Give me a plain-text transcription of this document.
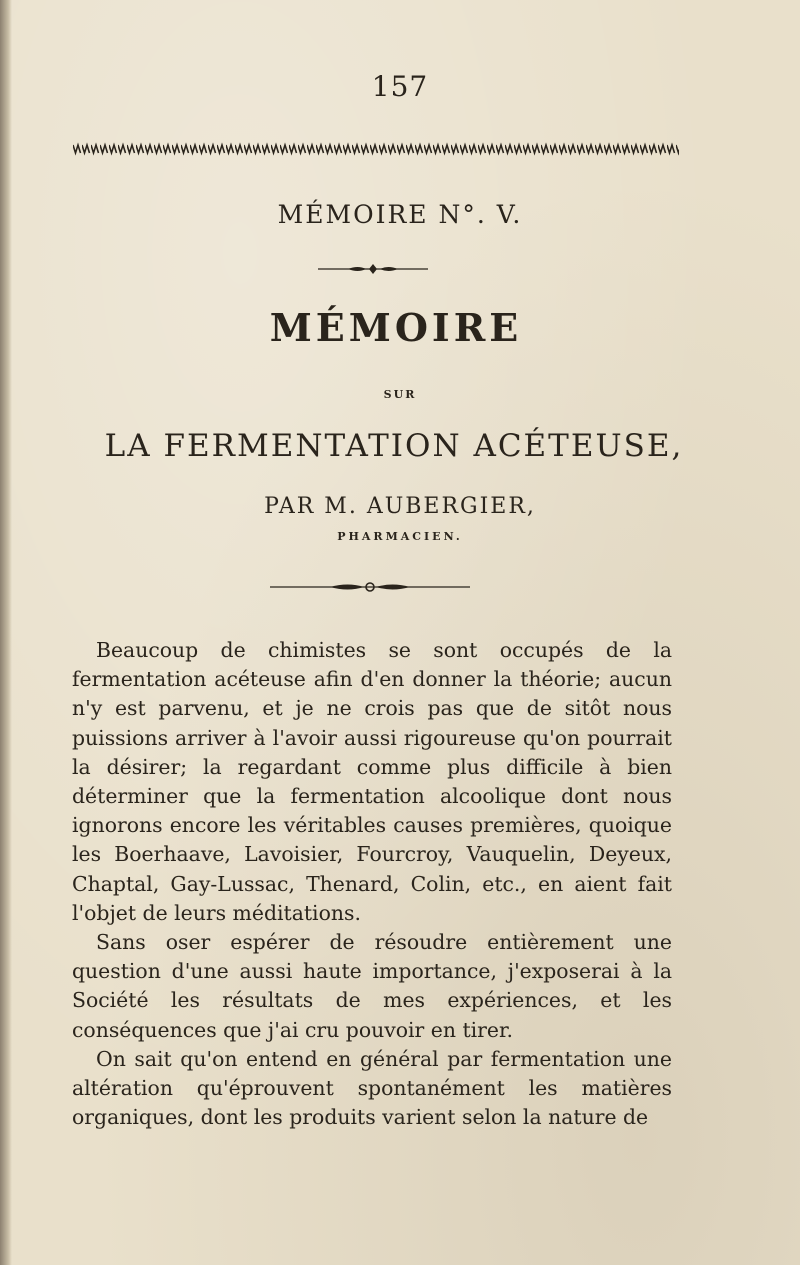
157
MÉMOIRE N°. V.
MÉMOIRE
SUR
LA FERMENTATION ACÉTEUSE,
PAR M. AUBERGIER,
PHARMACIEN.

Beaucoup de chimistes se sont occupés de la fermentation acéteuse afin d'en donner la théorie; aucun n'y est parvenu, et je ne crois pas que de sitôt nous puissions arriver à l'avoir aussi rigoureuse qu'on pourrait la désirer; la regardant comme plus difficile à bien déterminer que la fermentation alcoolique dont nous ignorons encore les véritables causes premières, quoique les Boerhaave, Lavoisier, Fourcroy, Vauquelin, Deyeux, Chaptal, Gay-Lussac, Thenard, Colin, etc., en aient fait l'objet de leurs méditations.

Sans oser espérer de résoudre entièrement une question d'une aussi haute importance, j'exposerai à la Société les résultats de mes expériences, et les conséquences que j'ai cru pouvoir en tirer.

On sait qu'on entend en général par fermentation une altération qu'éprouvent spontanément les matières organiques, dont les produits varient selon la nature de
